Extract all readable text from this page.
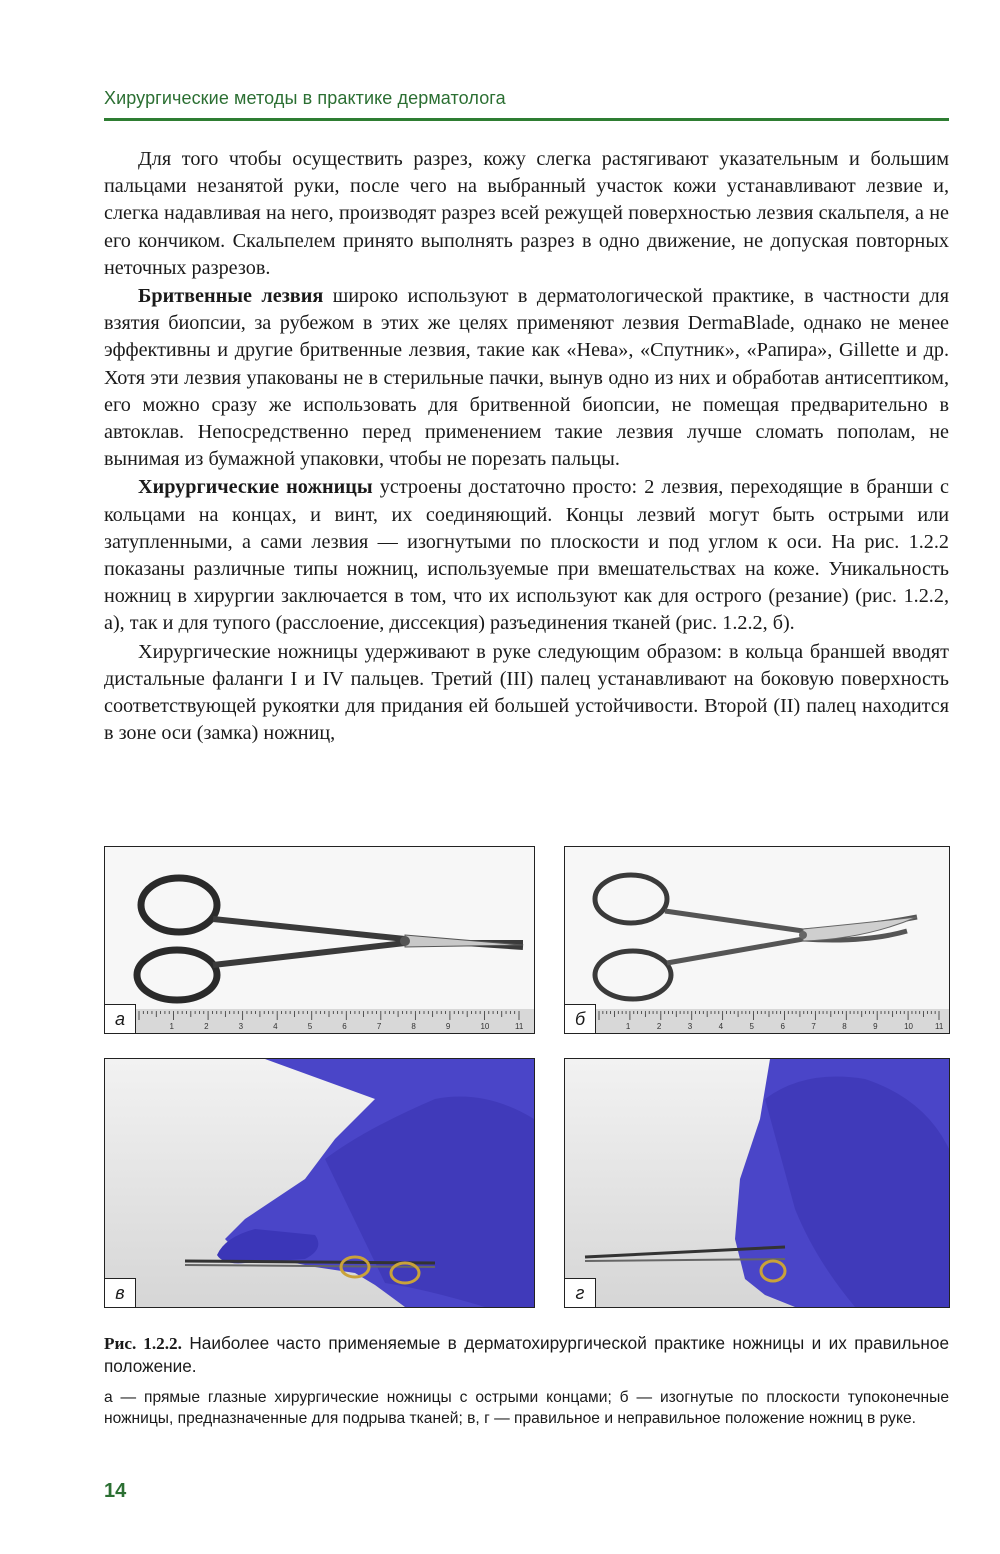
Хирургические методы в практике дерматолога

Для того чтобы осуществить разрез, кожу слегка растягивают указательным и большим пальцами незанятой руки, после чего на выбранный участок кожи устанавливают лезвие и, слегка надавливая на него, производят разрез всей режущей поверхностью лезвия скальпеля, а не его кончиком. Скальпелем принято выполнять разрез в одно движение, не допуская повторных неточных разрезов.

Бритвенные лезвия широко используют в дерматологической практике, в частности для взятия биопсии, за рубежом в этих же целях применяют лезвия DermaBlade, однако не менее эффективны и другие бритвенные лезвия, такие как «Нева», «Спутник», «Рапира», Gillette и др. Хотя эти лезвия упакованы не в стерильные пачки, вынув одно из них и обработав антисептиком, его можно сразу же использовать для бритвенной биопсии, не помещая предварительно в автоклав. Непосредственно перед применением такие лезвия лучше сломать пополам, не вынимая из бумажной упаковки, чтобы не порезать пальцы.

Хирургические ножницы устроены достаточно просто: 2 лезвия, переходящие в бранши с кольцами на концах, и винт, их соединяющий. Концы лезвий могут быть острыми или затупленными, а сами лезвия — изогнутыми по плоскости и под углом к оси. На рис. 1.2.2 показаны различные типы ножниц, используемые при вмешательствах на коже. Уникальность ножниц в хирургии заключается в том, что их используют как для острого (резание) (рис. 1.2.2, а), так и для тупого (расслоение, диссекция) разъединения тканей (рис. 1.2.2, б).

Хирургические ножницы удерживают в руке следующим образом: в кольца браншей вводят дистальные фаланги I и IV пальцев. Третий (III) палец устанавливают на боковую поверхность соответствующей рукоятки для придания ей большей устойчивости. Второй (II) палец находится в зоне оси (замка) ножниц,

1	2	3	4	5	6	7	8	9	10	11
а	1	2	3	4	5	6	7	8	9	10	11
б
в	г

Рис. 1.2.2. Наиболее часто применяемые в дерматохирургической практике ножницы и их правильное положение.

а — прямые глазные хирургические ножницы с острыми концами; б — изогнутые по плоскости тупоконечные ножницы, предназначенные для подрыва тканей; в, г — правильное и неправильное положение ножниц в руке.

14
